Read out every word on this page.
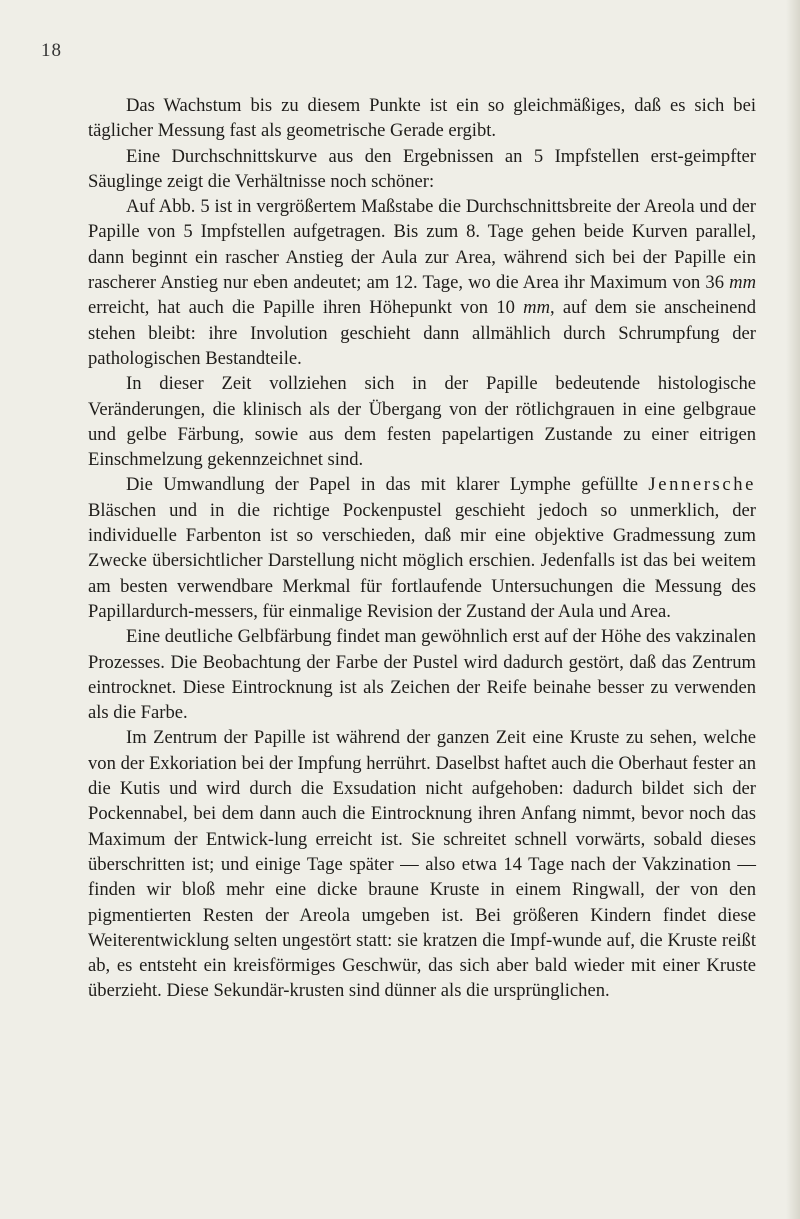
18

Das Wachstum bis zu diesem Punkte ist ein so gleichmäßiges, daß es sich bei täglicher Messung fast als geometrische Gerade ergibt.

Eine Durchschnittskurve aus den Ergebnissen an 5 Impfstellen erst-geimpfter Säuglinge zeigt die Verhältnisse noch schöner:

Auf Abb. 5 ist in vergrößertem Maßstabe die Durchschnittsbreite der Areola und der Papille von 5 Impfstellen aufgetragen. Bis zum 8. Tage gehen beide Kurven parallel, dann beginnt ein rascher Anstieg der Aula zur Area, während sich bei der Papille ein rascherer Anstieg nur eben andeutet; am 12. Tage, wo die Area ihr Maximum von 36 mm erreicht, hat auch die Papille ihren Höhepunkt von 10 mm, auf dem sie anscheinend stehen bleibt: ihre Involution geschieht dann allmählich durch Schrumpfung der pathologischen Bestandteile.

In dieser Zeit vollziehen sich in der Papille bedeutende histologische Veränderungen, die klinisch als der Übergang von der rötlichgrauen in eine gelbgraue und gelbe Färbung, sowie aus dem festen papelartigen Zustande zu einer eitrigen Einschmelzung gekennzeichnet sind.

Die Umwandlung der Papel in das mit klarer Lymphe gefüllte Jennersche Bläschen und in die richtige Pockenpustel geschieht jedoch so unmerklich, der individuelle Farbenton ist so verschieden, daß mir eine objektive Gradmessung zum Zwecke übersichtlicher Darstellung nicht möglich erschien. Jedenfalls ist das bei weitem am besten verwendbare Merkmal für fortlaufende Untersuchungen die Messung des Papillardurch-messers, für einmalige Revision der Zustand der Aula und Area.

Eine deutliche Gelbfärbung findet man gewöhnlich erst auf der Höhe des vakzinalen Prozesses. Die Beobachtung der Farbe der Pustel wird dadurch gestört, daß das Zentrum eintrocknet. Diese Eintrocknung ist als Zeichen der Reife beinahe besser zu verwenden als die Farbe.

Im Zentrum der Papille ist während der ganzen Zeit eine Kruste zu sehen, welche von der Exkoriation bei der Impfung herrührt. Daselbst haftet auch die Oberhaut fester an die Kutis und wird durch die Exsudation nicht aufgehoben: dadurch bildet sich der Pockennabel, bei dem dann auch die Eintrocknung ihren Anfang nimmt, bevor noch das Maximum der Entwick-lung erreicht ist. Sie schreitet schnell vorwärts, sobald dieses überschritten ist; und einige Tage später — also etwa 14 Tage nach der Vakzination — finden wir bloß mehr eine dicke braune Kruste in einem Ringwall, der von den pigmentierten Resten der Areola umgeben ist. Bei größeren Kindern findet diese Weiterentwicklung selten ungestört statt: sie kratzen die Impf-wunde auf, die Kruste reißt ab, es entsteht ein kreisförmiges Geschwür, das sich aber bald wieder mit einer Kruste überzieht. Diese Sekundär-krusten sind dünner als die ursprünglichen.
